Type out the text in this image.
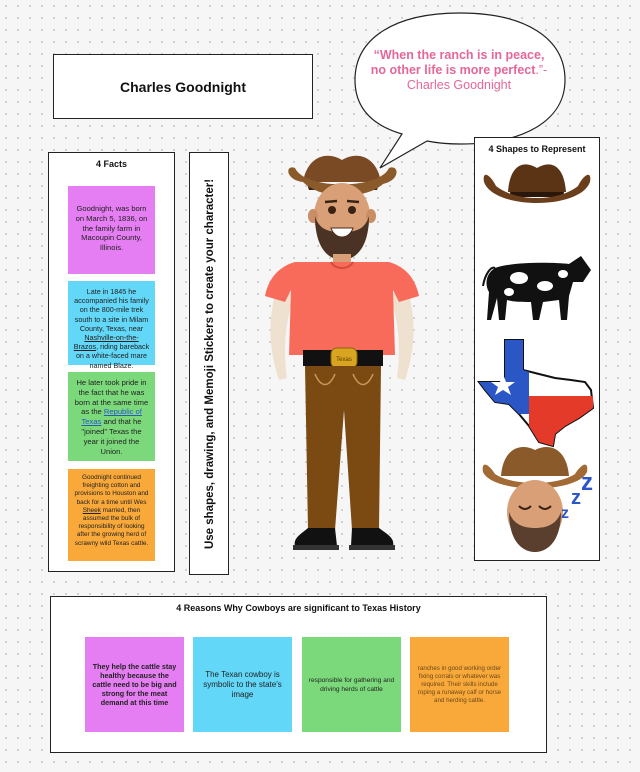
Charles Goodnight
“When the ranch is in peace, no other life is more perfect.”-Charles Goodnight
4 Facts
Goodnight, was born on March 5, 1836, on the family farm in Macoupin County, Illinois.
Late in 1845 he accompanied his family on the 800-mile trek south to a site in Milam County, Texas, near Nashville-on-the-Brazos, riding bareback on a white-faced mare named Blaze.
He later took pride in the fact that he was born at the same time as the Republic of Texas and that he "joined" Texas the year it joined the Union.
Goodnight continued freighting cotton and provisions to Houston and back for a time until Wes Sheek married, then assumed the bulk of responsibility of looking after the growing herd of scrawny wild Texas cattle.	Use shapes, drawing, and Memoji Stickers to create your character!	Texas
4 Shapes to Represent
z
z
z
4 Reasons Why Cowboys are significant to Texas History
They help the cattle stay healthy because the cattle need to be big and strong for the meat demand at this time
The Texan cowboy is symbolic to the state's image
responsible for gathering and driving herds of cattle
ranches in good working order fixing corrals or whatever was required. Their skills include roping a runaway calf or horse and herding cattle.
